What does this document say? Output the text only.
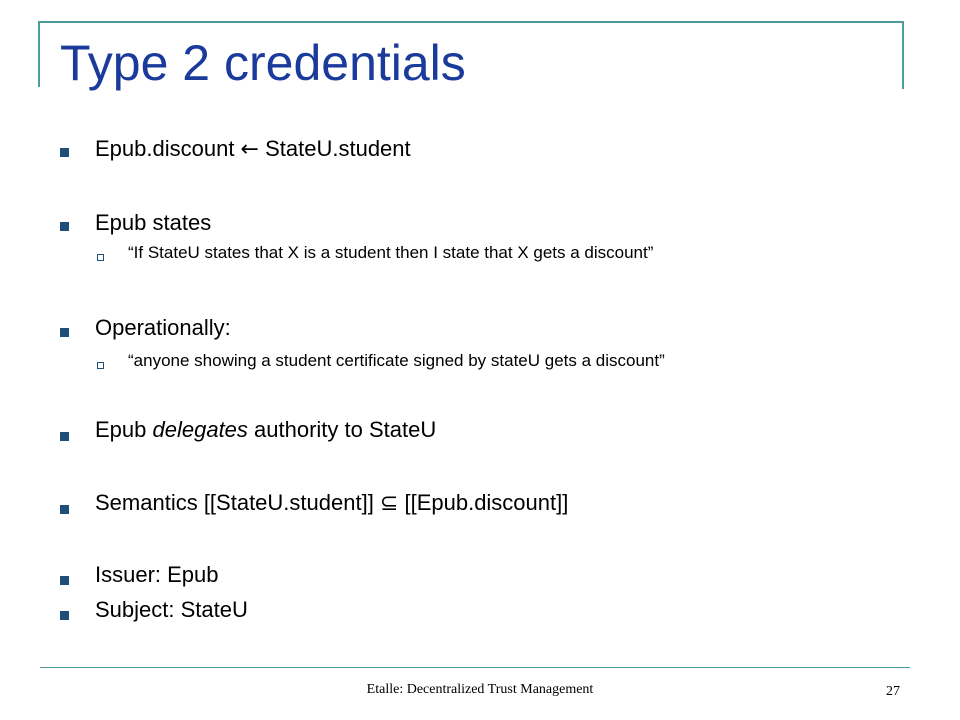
Type 2 credentials
Epub.discount ← StateU.student
Epub states
“If StateU states that X is a student then I state that X gets a discount”
Operationally:
“anyone showing a student certificate signed by stateU gets a discount”
Epub delegates authority to StateU
Semantics [[StateU.student]] ⊆ [[Epub.discount]]
Issuer: Epub
Subject: StateU
Etalle: Decentralized Trust Management	27
